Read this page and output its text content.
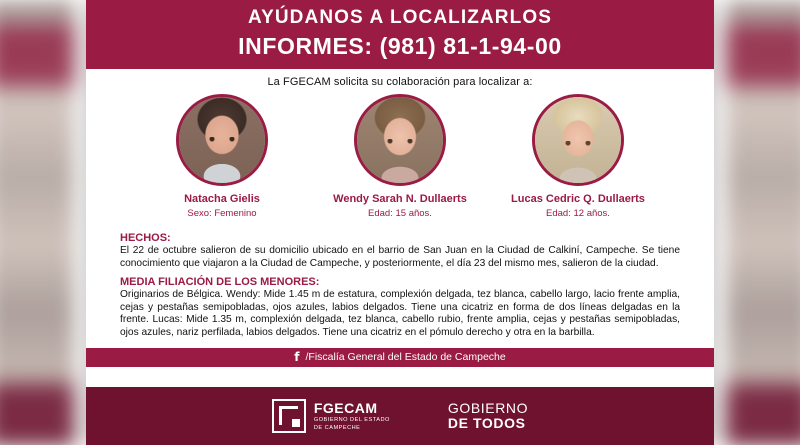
AYÚDANOS A LOCALIZARLOS
INFORMES: (981) 81-1-94-00
La FGECAM solicita su colaboración para localizar a:
Natacha Gielis
Sexo: Femenino
Wendy Sarah N. Dullaerts
Edad: 15 años.
Lucas Cedric Q. Dullaerts
Edad: 12 años.
HECHOS:
El 22 de octubre salieron de su domicilio ubicado en el barrio de San Juan en la Ciudad de Calkiní, Campeche. Se tiene conocimiento que viajaron a la Ciudad de Campeche, y posteriormente, el día 23 del mismo mes, salieron de la ciudad.
MEDIA FILIACIÓN DE LOS MENORES:
Originarios de Bélgica. Wendy: Mide 1.45 m de estatura, complexión delgada, tez blanca, cabello largo, lacio frente amplia, cejas y pestañas semipobladas, ojos azules, labios delgados. Tiene una cicatriz en forma de dos líneas delgadas en la frente. Lucas: Mide 1.35 m, complexión delgada, tez blanca, cabello rubio, frente amplia, cejas y pestañas semipobladas, ojos azules, nariz perfilada, labios delgados. Tiene una cicatriz en el pómulo derecho y otra en la barbilla.
f /Fiscalía General del Estado de Campeche
FGECAM
GOBIERNO DEL ESTADO
DE CAMPECHE
GOBIERNO
DE TODOS
